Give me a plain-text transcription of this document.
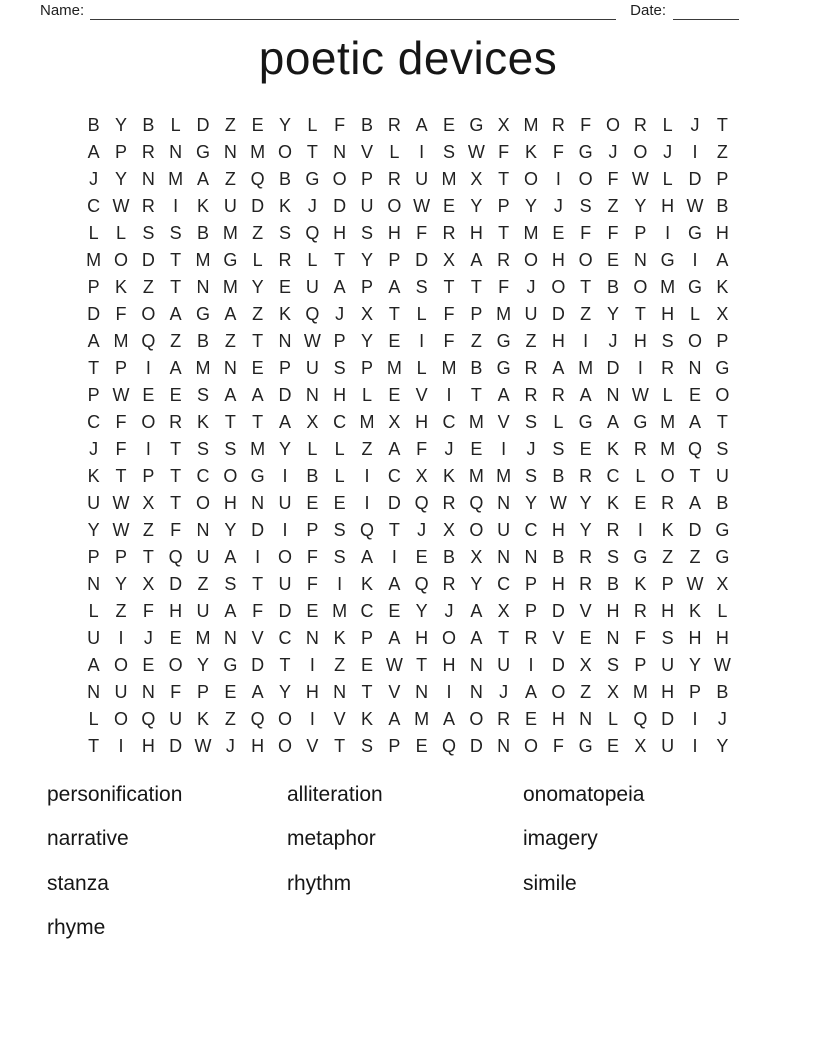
Name:	Date:
poetic devices
B Y B L D Z E Y L F B R A E G X M R F O R L J T
A P R N G N M O T N V L	I	S W F K F G J O J	I	Z
J Y N M A Z Q B G O P R U M X T O I O F W L D P
C W R	I	K U D K J D U O W E Y P Y J S Z Y H W B
L L S S B M Z S Q H S H F R H T M E F F P	I G H
M O D T M G L R L T Y P D X A R O H O E N G I	A
P K Z T N M Y E U A P A S T T F J O T B O M G K
D F O A G A Z K Q J X T L F P M U D Z Y T H L X
A M Q Z B Z T N W P Y E	I	F Z G Z H	I	J H S O P
T P	I	A M N E P U S P M L M B G R A M D	I	R N G
P W E E S A A D N H L E V	I	T A R R A N W L E O
C F O R K T T A X C M X H C M V S L G A G M A T
J F	I	T S S M Y L L Z A F J E	I	J S E K R M Q S
K T P T C O G I	B L	I	C X K M M S B R C L O T U
U W X T O H N U E E	I	D Q R Q N Y W Y K E R A B
Y W Z F N Y D	I	P S Q T J X O U C H Y R	I	K D G
P P T Q U A	I O F S A	I	E B X N N B R S G Z Z G
N Y X D Z S T U F	I	K A Q R Y C P H R B K P W X
L Z F H U A F D E M C E Y J A X P D V H R H K L
U	I	J E M N V C N K P A H O A T R V E N F S H H
A O E O Y G D T	I	Z E W T H N U	I	D X S P U Y W
N U N F P E A Y H N T V N	I	N J A O Z X M H P B
L O Q U K Z Q O I	V K A M A O R E H N L Q D	I	J
T	I	H D W J H O V T S P E Q D N O F G E X U	I	Y
personification
narrative
stanza
rhyme
alliteration
metaphor
rhythm
onomatopeia
imagery
simile
